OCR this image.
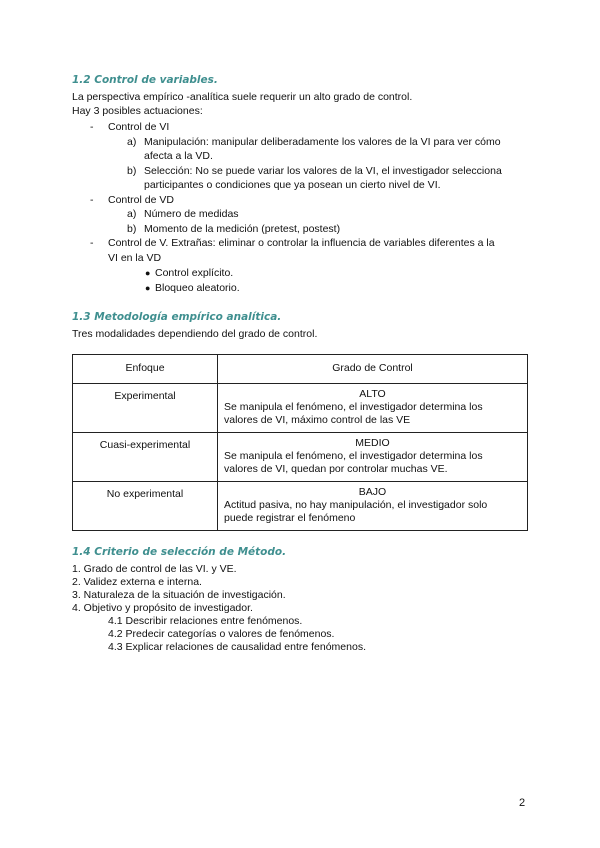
1.2 Control de variables.
La perspectiva empírico -analítica suele requerir un alto grado de control.
Hay 3 posibles actuaciones:
- Control de VI
a) Manipulación: manipular deliberadamente los valores de la VI para ver cómo
afecta a la VD.
b) Selección: No se puede variar los valores de la VI, el investigador selecciona
participantes o condiciones que ya posean un cierto nivel de VI.
- Control de VD
a) Número de medidas
b) Momento de la medición (pretest, postest)
- Control de V. Extrañas: eliminar o controlar la influencia de variables diferentes a la
VI en la VD
● Control explícito.
● Bloqueo aleatorio.
1.3 Metodología empírico analítica.
Tres modalidades dependiendo del grado de control.
Enfoque	Grado de Control
Experimental	ALTO
Se manipula el fenómeno, el investigador determina los
valores de VI, máximo control de las VE

Cuasi-experimental	MEDIO
Se manipula el fenómeno, el investigador determina los
valores de VI, quedan por controlar muchas VE.

No experimental	BAJO
Actitud pasiva, no hay manipulación, el investigador solo
puede registrar el fenómeno
1.4 Criterio de selección de Método.
1. Grado de control de las VI. y VE.
2. Validez externa e interna.
3. Naturaleza de la situación de investigación.
4. Objetivo y propósito de investigador.
4.1 Describir relaciones entre fenómenos.
4.2 Predecir categorías o valores de fenómenos.
4.3 Explicar relaciones de causalidad entre fenómenos.
2
